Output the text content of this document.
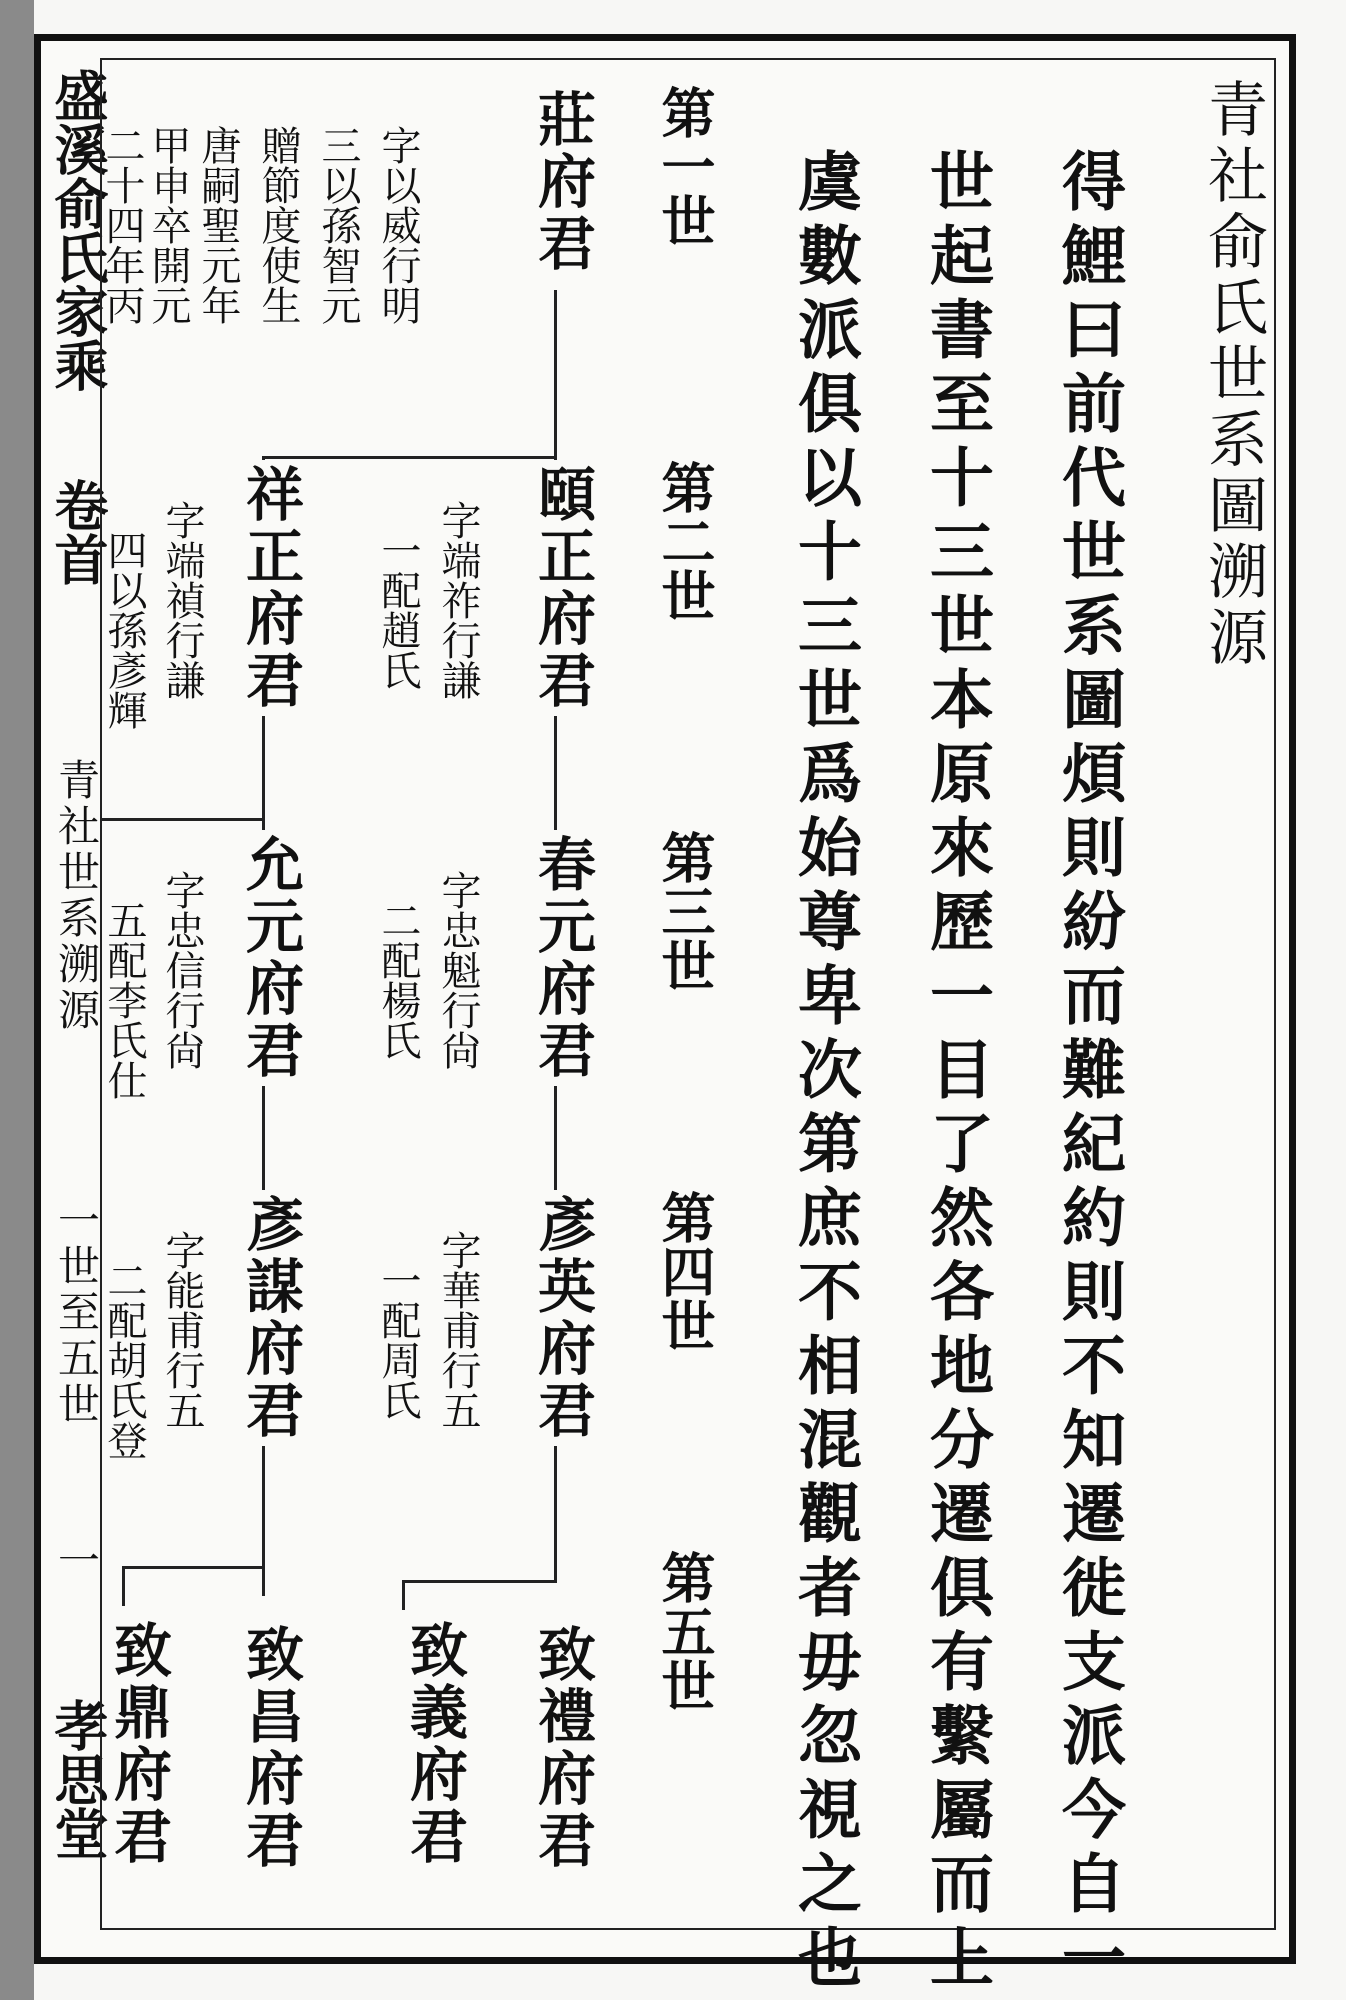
盛溪俞氏家乘
卷首
青社世系溯源
一世至五世
一
孝思堂
青社俞氏世系圖溯源
得鯉曰前代世系圖煩則紛而難紀約則不知遷徙支派今自一
世起書至十三世本原來歷一目了然各地分遷俱有繫屬而上
虞數派俱以十三世爲始尊卑次第庶不相混觀者毋忽視之也
第一世
第二世
第三世
第四世
第五世
莊府君
頤正府君
春元府君
彥英府君
致禮府君
字以威行明
三以孫智元
贈節度使生
唐嗣聖元年
甲申卒開元
二十四年丙
字端祚行謙
一配趙氏
字忠魁行尙
二配楊氏
字華甫行五
一配周氏
致義府君
祥正府君
允元府君
彥謀府君
致昌府君
字端禎行謙
四以孫彥輝
字忠信行尙
五配李氏仕
字能甫行五
二配胡氏登
致鼎府君
